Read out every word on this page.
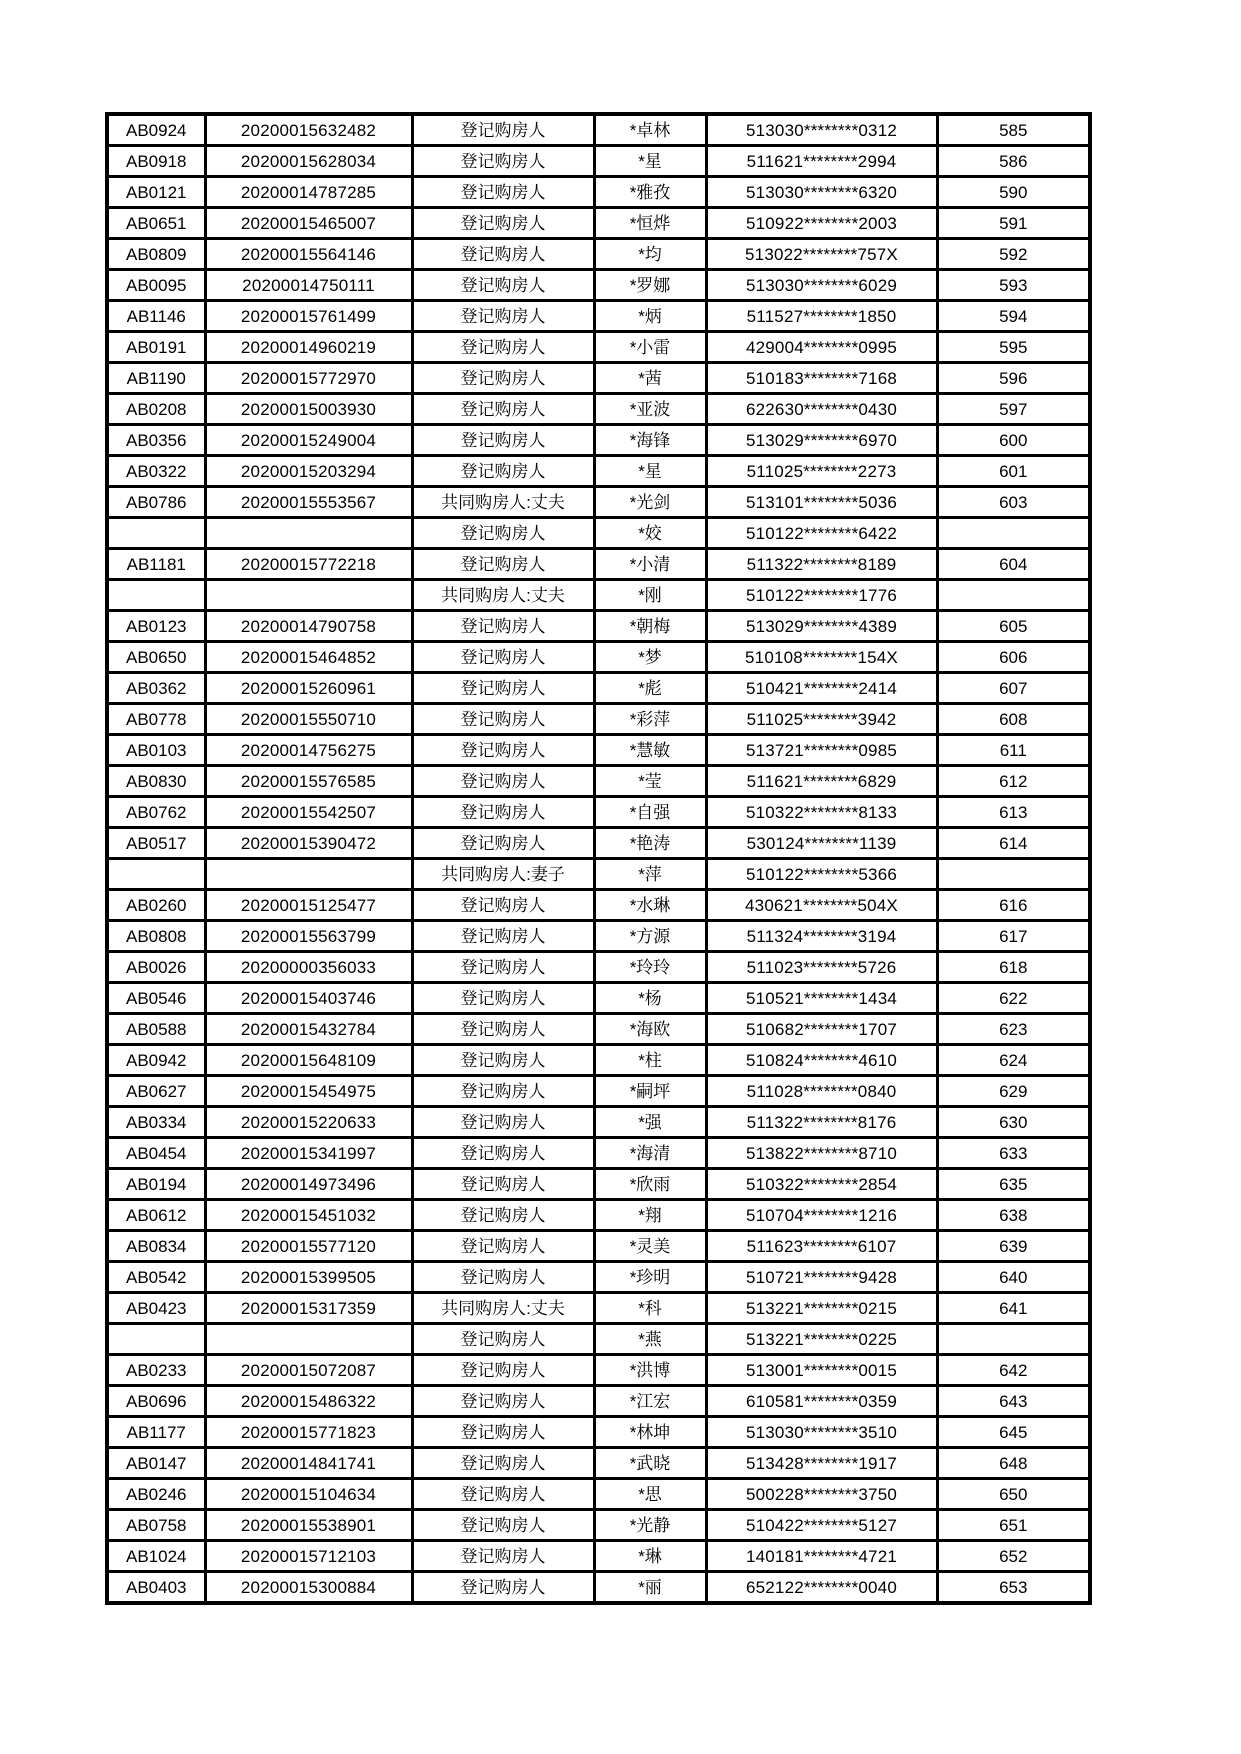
AB0924	20200015632482	登记购房人	*卓林	513030********0312	585
AB0918	20200015628034	登记购房人	*星	511621********2994	586
AB0121	20200014787285	登记购房人	*雅孜	513030********6320	590
AB0651	20200015465007	登记购房人	*恒烨	510922********2003	591
AB0809	20200015564146	登记购房人	*均	513022********757X	592
AB0095	20200014750111	登记购房人	*罗娜	513030********6029	593
AB1146	20200015761499	登记购房人	*炳	511527********1850	594
AB0191	20200014960219	登记购房人	*小雷	429004********0995	595
AB1190	20200015772970	登记购房人	*茜	510183********7168	596
AB0208	20200015003930	登记购房人	*亚波	622630********0430	597
AB0356	20200015249004	登记购房人	*海锋	513029********6970	600
AB0322	20200015203294	登记购房人	*星	511025********2273	601
AB0786	20200015553567	共同购房人:丈夫	*光剑	513101********5036	603
		登记购房人	*姣	510122********6422	
AB1181	20200015772218	登记购房人	*小清	511322********8189	604
		共同购房人:丈夫	*刚	510122********1776	
AB0123	20200014790758	登记购房人	*朝梅	513029********4389	605
AB0650	20200015464852	登记购房人	*梦	510108********154X	606
AB0362	20200015260961	登记购房人	*彪	510421********2414	607
AB0778	20200015550710	登记购房人	*彩萍	511025********3942	608
AB0103	20200014756275	登记购房人	*慧敏	513721********0985	611
AB0830	20200015576585	登记购房人	*莹	511621********6829	612
AB0762	20200015542507	登记购房人	*自强	510322********8133	613
AB0517	20200015390472	登记购房人	*艳涛	530124********1139	614
		共同购房人:妻子	*萍	510122********5366	
AB0260	20200015125477	登记购房人	*水琳	430621********504X	616
AB0808	20200015563799	登记购房人	*方源	511324********3194	617
AB0026	20200000356033	登记购房人	*玲玲	511023********5726	618
AB0546	20200015403746	登记购房人	*杨	510521********1434	622
AB0588	20200015432784	登记购房人	*海欧	510682********1707	623
AB0942	20200015648109	登记购房人	*柱	510824********4610	624
AB0627	20200015454975	登记购房人	*嗣坪	511028********0840	629
AB0334	20200015220633	登记购房人	*强	511322********8176	630
AB0454	20200015341997	登记购房人	*海清	513822********8710	633
AB0194	20200014973496	登记购房人	*欣雨	510322********2854	635
AB0612	20200015451032	登记购房人	*翔	510704********1216	638
AB0834	20200015577120	登记购房人	*灵美	511623********6107	639
AB0542	20200015399505	登记购房人	*珍明	510721********9428	640
AB0423	20200015317359	共同购房人:丈夫	*科	513221********0215	641
		登记购房人	*燕	513221********0225	
AB0233	20200015072087	登记购房人	*洪博	513001********0015	642
AB0696	20200015486322	登记购房人	*江宏	610581********0359	643
AB1177	20200015771823	登记购房人	*林坤	513030********3510	645
AB0147	20200014841741	登记购房人	*武晓	513428********1917	648
AB0246	20200015104634	登记购房人	*思	500228********3750	650
AB0758	20200015538901	登记购房人	*光静	510422********5127	651
AB1024	20200015712103	登记购房人	*琳	140181********4721	652
AB0403	20200015300884	登记购房人	*丽	652122********0040	653
